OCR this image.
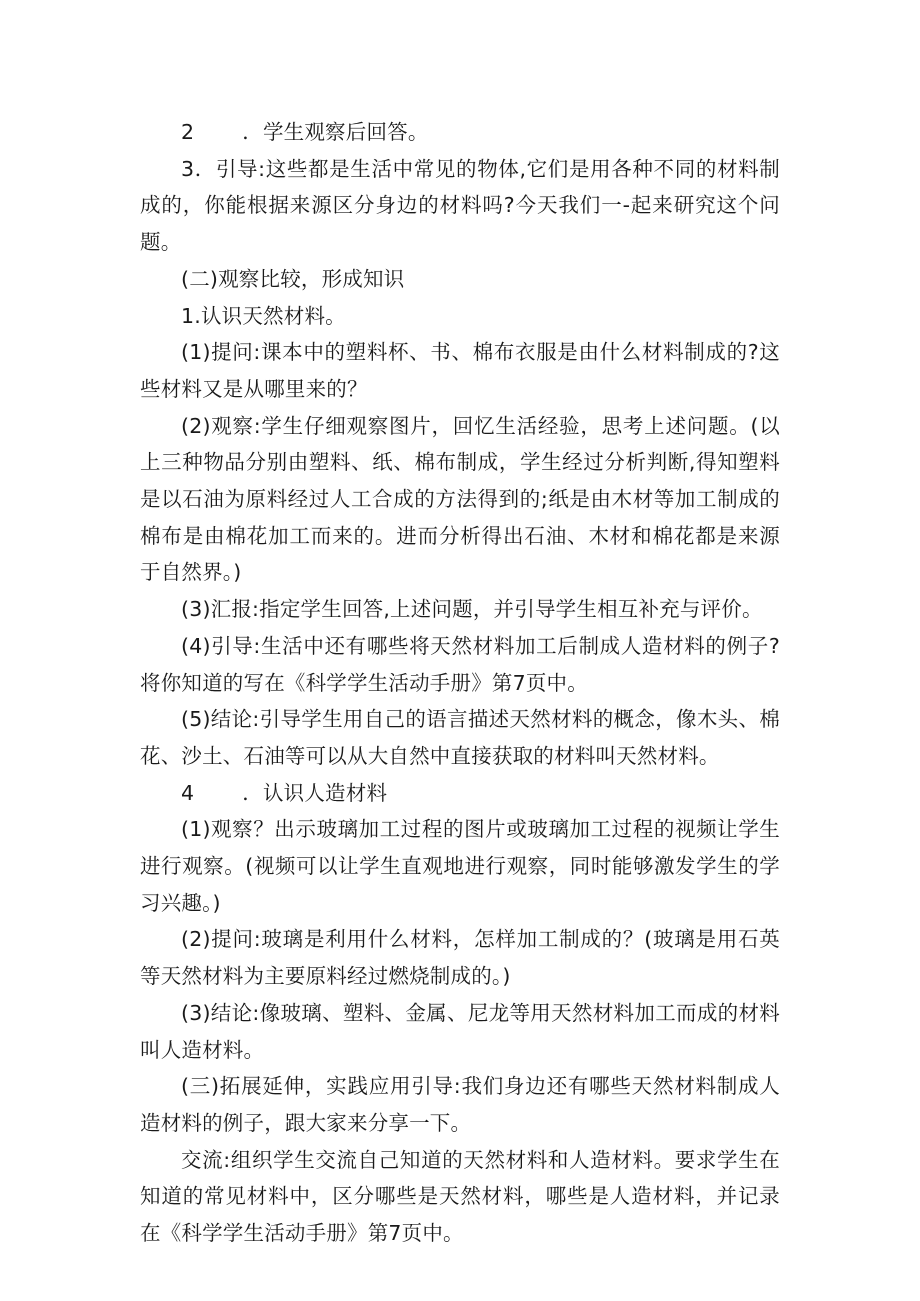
2 ．学生观察后回答。

3．引导:这些都是生活中常见的物体,它们是用各种不同的材料制成的，你能根据来源区分身边的材料吗?今天我们一-起来研究这个问题。

(二)观察比较，形成知识

1.认识天然材料。

(1)提问:课本中的塑料杯、书、棉布衣服是由什么材料制成的?这些材料又是从哪里来的？

(2)观察:学生仔细观察图片，回忆生活经验，思考上述问题。(以上三种物品分别由塑料、纸、棉布制成，学生经过分析判断,得知塑料是以石油为原料经过人工合成的方法得到的;纸是由木材等加工制成的棉布是由棉花加工而来的。进而分析得出石油、木材和棉花都是来源于自然界。)

(3)汇报:指定学生回答,上述问题，并引导学生相互补充与评价。

(4)引导:生活中还有哪些将天然材料加工后制成人造材料的例子?将你知道的写在《科学学生活动手册》第7页中。

(5)结论:引导学生用自己的语言描述天然材料的概念，像木头、棉花、沙土、石油等可以从大自然中直接获取的材料叫天然材料。

4 ．认识人造材料

(1)观察？出示玻璃加工过程的图片或玻璃加工过程的视频让学生进行观察。(视频可以让学生直观地进行观察，同时能够激发学生的学习兴趣。)

(2)提问:玻璃是利用什么材料，怎样加工制成的？(玻璃是用石英等天然材料为主要原料经过燃烧制成的。)

(3)结论:像玻璃、塑料、金属、尼龙等用天然材料加工而成的材料叫人造材料。

(三)拓展延伸，实践应用引导:我们身边还有哪些天然材料制成人造材料的例子，跟大家来分享一下。

交流:组织学生交流自己知道的天然材料和人造材料。要求学生在知道的常见材料中，区分哪些是天然材料，哪些是人造材料，并记录在《科学学生活动手册》第7页中。
